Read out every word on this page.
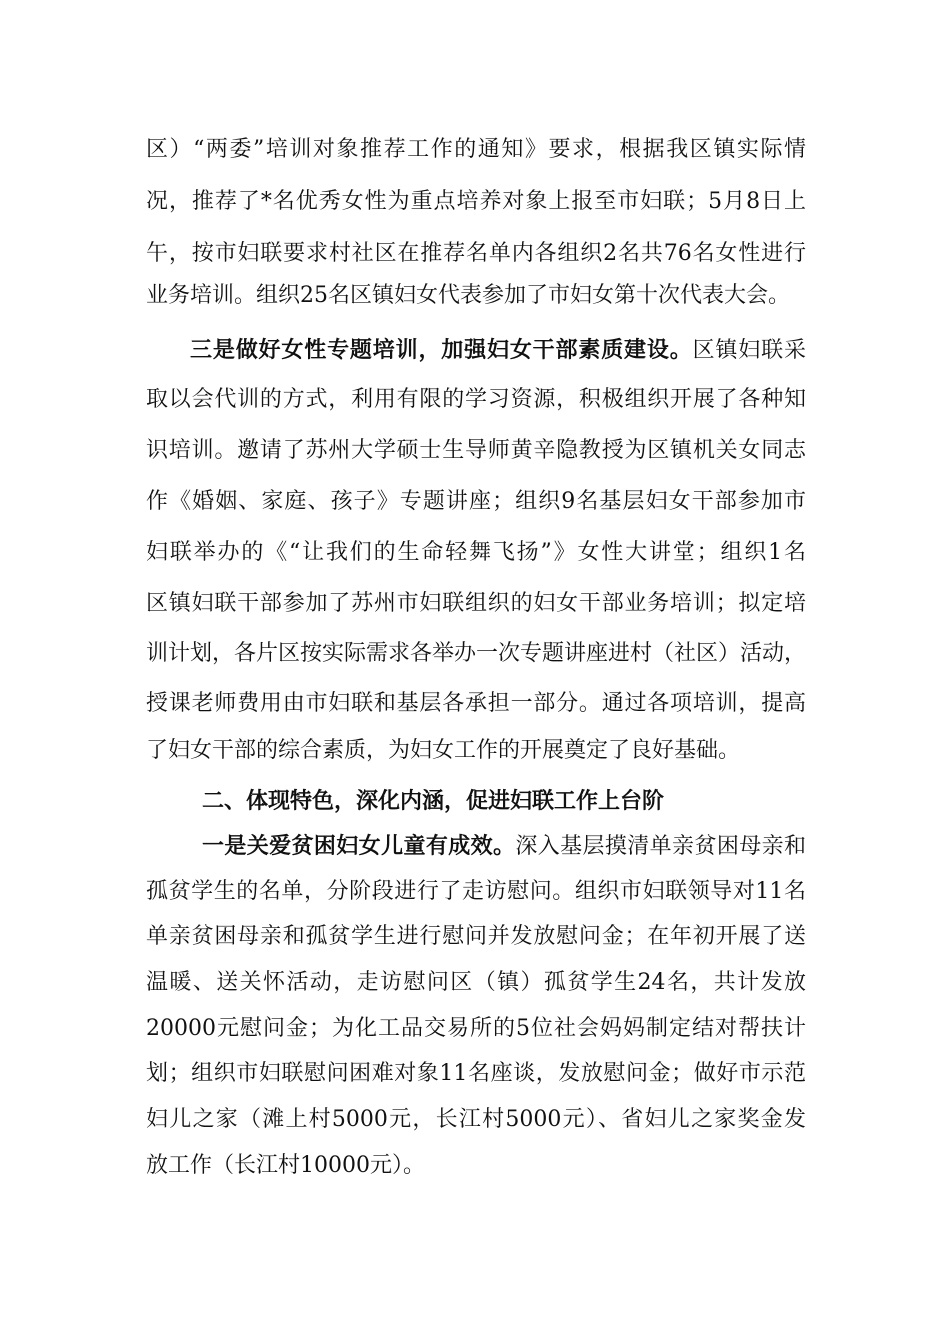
区）“两委”培训对象推荐工作的通知》要求，根据我区镇实际情
况，推荐了*名优秀女性为重点培养对象上报至市妇联；5月8日上
午，按市妇联要求村社区在推荐名单内各组织2名共76名女性进行
业务培训。组织25名区镇妇女代表参加了市妇女第十次代表大会。
三是做好女性专题培训，加强妇女干部素质建设。区镇妇联采
取以会代训的方式，利用有限的学习资源，积极组织开展了各种知
识培训。邀请了苏州大学硕士生导师黄辛隐教授为区镇机关女同志
作《婚姻、家庭、孩子》专题讲座；组织9名基层妇女干部参加市
妇联举办的《“让我们的生命轻舞飞扬”》女性大讲堂；组织1名
区镇妇联干部参加了苏州市妇联组织的妇女干部业务培训；拟定培
训计划，各片区按实际需求各举办一次专题讲座进村（社区）活动，
授课老师费用由市妇联和基层各承担一部分。通过各项培训，提高
了妇女干部的综合素质，为妇女工作的开展奠定了良好基础。
二、体现特色，深化内涵，促进妇联工作上台阶
一是关爱贫困妇女儿童有成效。深入基层摸清单亲贫困母亲和
孤贫学生的名单，分阶段进行了走访慰问。组织市妇联领导对11名
单亲贫困母亲和孤贫学生进行慰问并发放慰问金；在年初开展了送
温暖、送关怀活动，走访慰问区（镇）孤贫学生24名，共计发放
20000元慰问金；为化工品交易所的5位社会妈妈制定结对帮扶计
划；组织市妇联慰问困难对象11名座谈，发放慰问金；做好市示范
妇儿之家（滩上村5000元，长江村5000元）、省妇儿之家奖金发
放工作（长江村10000元）。
